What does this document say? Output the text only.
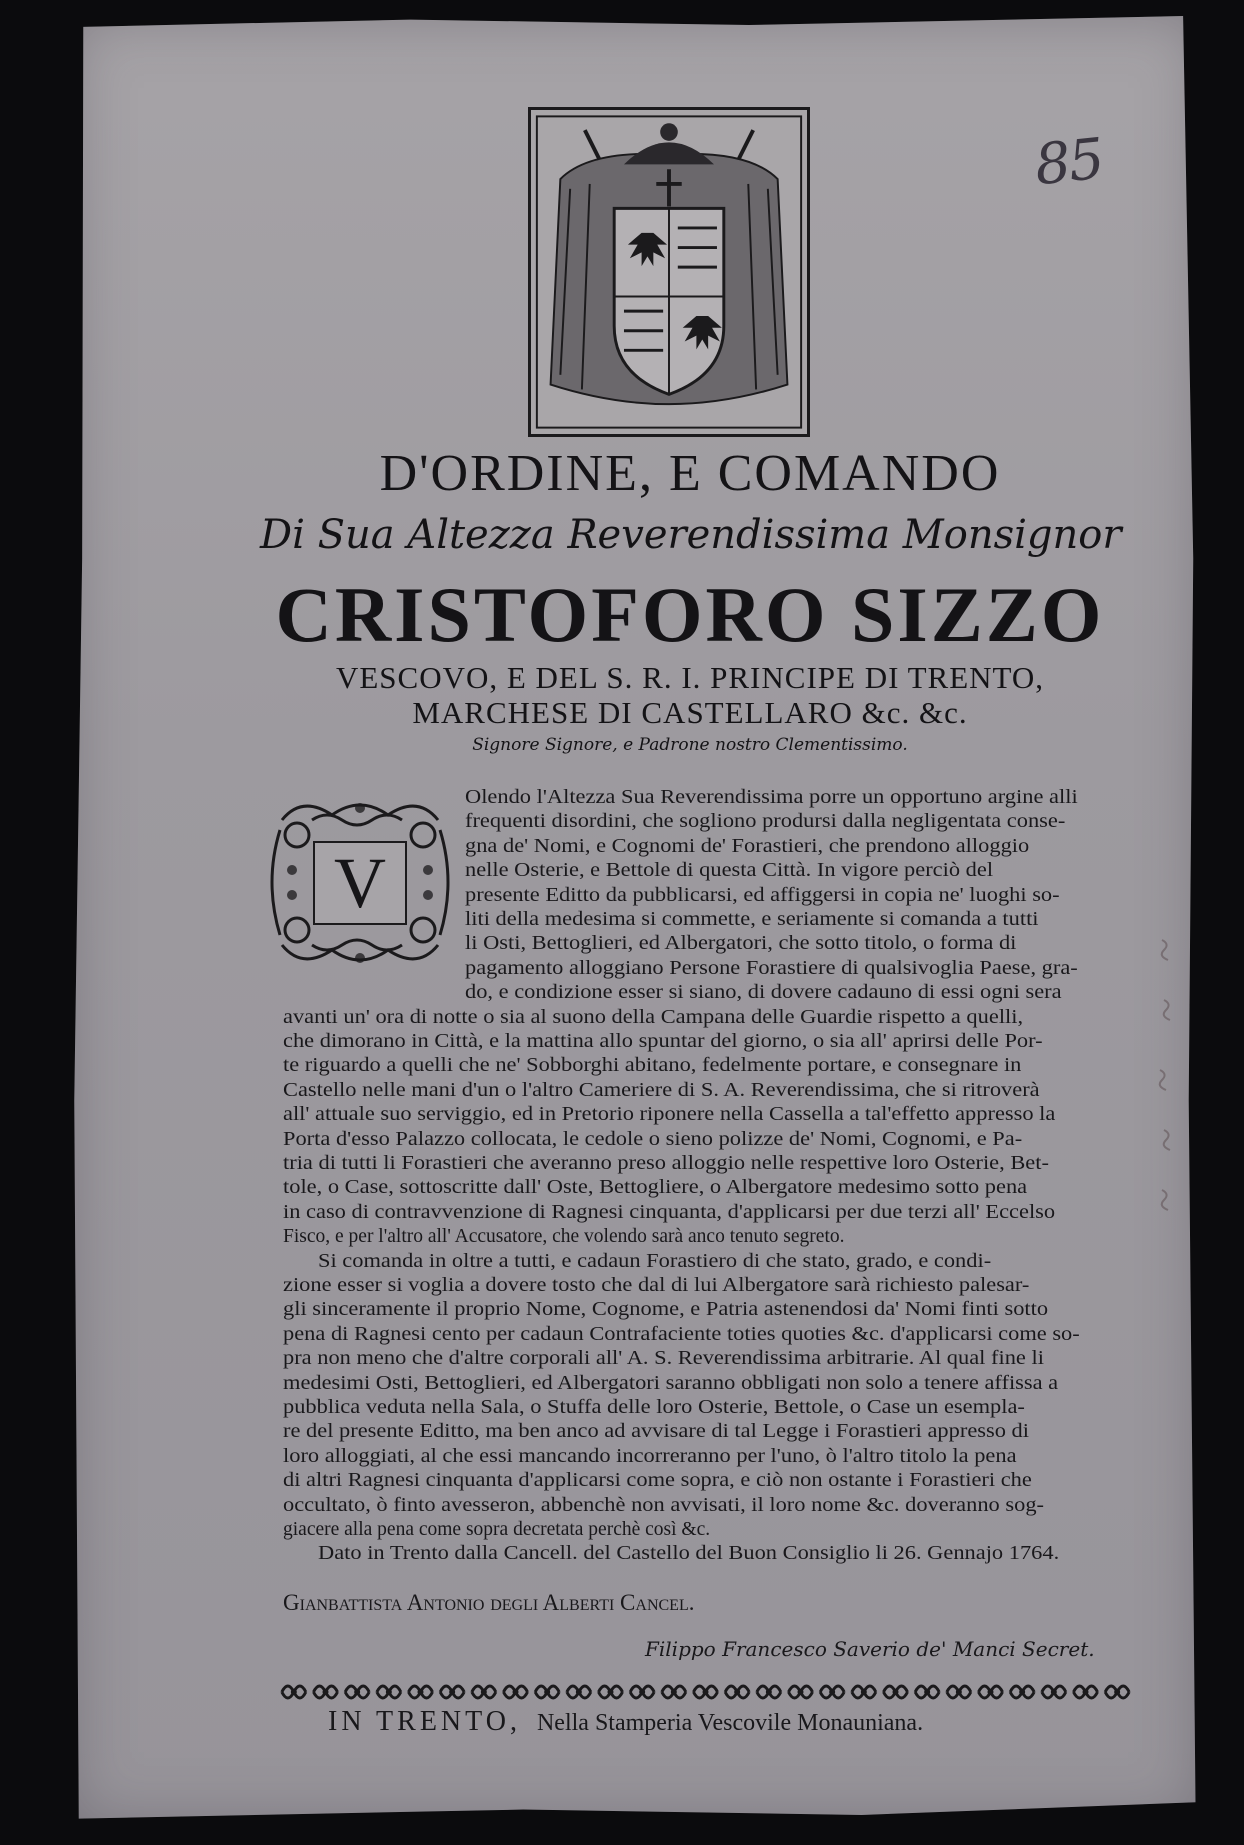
85
D'ORDINE, E COMANDO
Di Sua Altezza Reverendissima Monsignor
CRISTOFORO SIZZO
VESCOVO, E DEL S. R. I. PRINCIPE DI TRENTO,
MARCHESE DI CASTELLARO &c. &c.
Signore Signore, e Padrone nostro Clementissimo.
V
Olendo l'Altezza Sua Reverendissima porre un opportuno argine alli
frequenti disordini, che sogliono prodursi dalla negligentata conse-
gna de' Nomi, e Cognomi de' Forastieri, che prendono alloggio
nelle Osterie, e Bettole di questa Città. In vigore perciò del
presente Editto da pubblicarsi, ed affiggersi in copia ne' luoghi so-
liti della medesima si commette, e seriamente si comanda a tutti
li Osti, Bettoglieri, ed Albergatori, che sotto titolo, o forma di
pagamento alloggiano Persone Forastiere di qualsivoglia Paese, gra-
do, e condizione esser si siano, di dovere cadauno di essi ogni sera
avanti un' ora di notte o sia al suono della Campana delle Guardie rispetto a quelli,
che dimorano in Città, e la mattina allo spuntar del giorno, o sia all' aprirsi delle Por-
te riguardo a quelli che ne' Sobborghi abitano, fedelmente portare, e consegnare in
Castello nelle mani d'un o l'altro Cameriere di S. A. Reverendissima, che si ritroverà
all' attuale suo serviggio, ed in Pretorio riponere nella Cassella a tal'effetto appresso la
Porta d'esso Palazzo collocata, le cedole o sieno polizze de' Nomi, Cognomi, e Pa-
tria di tutti li Forastieri che averanno preso alloggio nelle respettive loro Osterie, Bet-
tole, o Case, sottoscritte dall' Oste, Bettogliere, o Albergatore medesimo sotto pena
in caso di contravvenzione di Ragnesi cinquanta, d'applicarsi per due terzi all' Eccelso
Fisco, e per l'altro all' Accusatore, che volendo sarà anco tenuto segreto.
Si comanda in oltre a tutti, e cadaun Forastiero di che stato, grado, e condi-
zione esser si voglia a dovere tosto che dal di lui Albergatore sarà richiesto palesar-
gli sinceramente il proprio Nome, Cognome, e Patria astenendosi da' Nomi finti sotto
pena di Ragnesi cento per cadaun Contrafaciente toties quoties &c. d'applicarsi come so-
pra non meno che d'altre corporali all' A. S. Reverendissima arbitrarie. Al qual fine li
medesimi Osti, Bettoglieri, ed Albergatori saranno obbligati non solo a tenere affissa a
pubblica veduta nella Sala, o Stuffa delle loro Osterie, Bettole, o Case un esempla-
re del presente Editto, ma ben anco ad avvisare di tal Legge i Forastieri appresso di
loro alloggiati, al che essi mancando incorreranno per l'uno, ò l'altro titolo la pena
di altri Ragnesi cinquanta d'applicarsi come sopra, e ciò non ostante i Forastieri che
occultato, ò finto avesseron, abbenchè non avvisati, il loro nome &c. doveranno sog-
giacere alla pena come sopra decretata perchè così &c.
Dato in Trento dalla Cancell. del Castello del Buon Consiglio li 26. Gennajo 1764.
Gianbattista Antonio degli Alberti Cancel.
Filippo Francesco Saverio de' Manci Secret.
IN TRENTO, Nella Stamperia Vescovile Monauniana.
